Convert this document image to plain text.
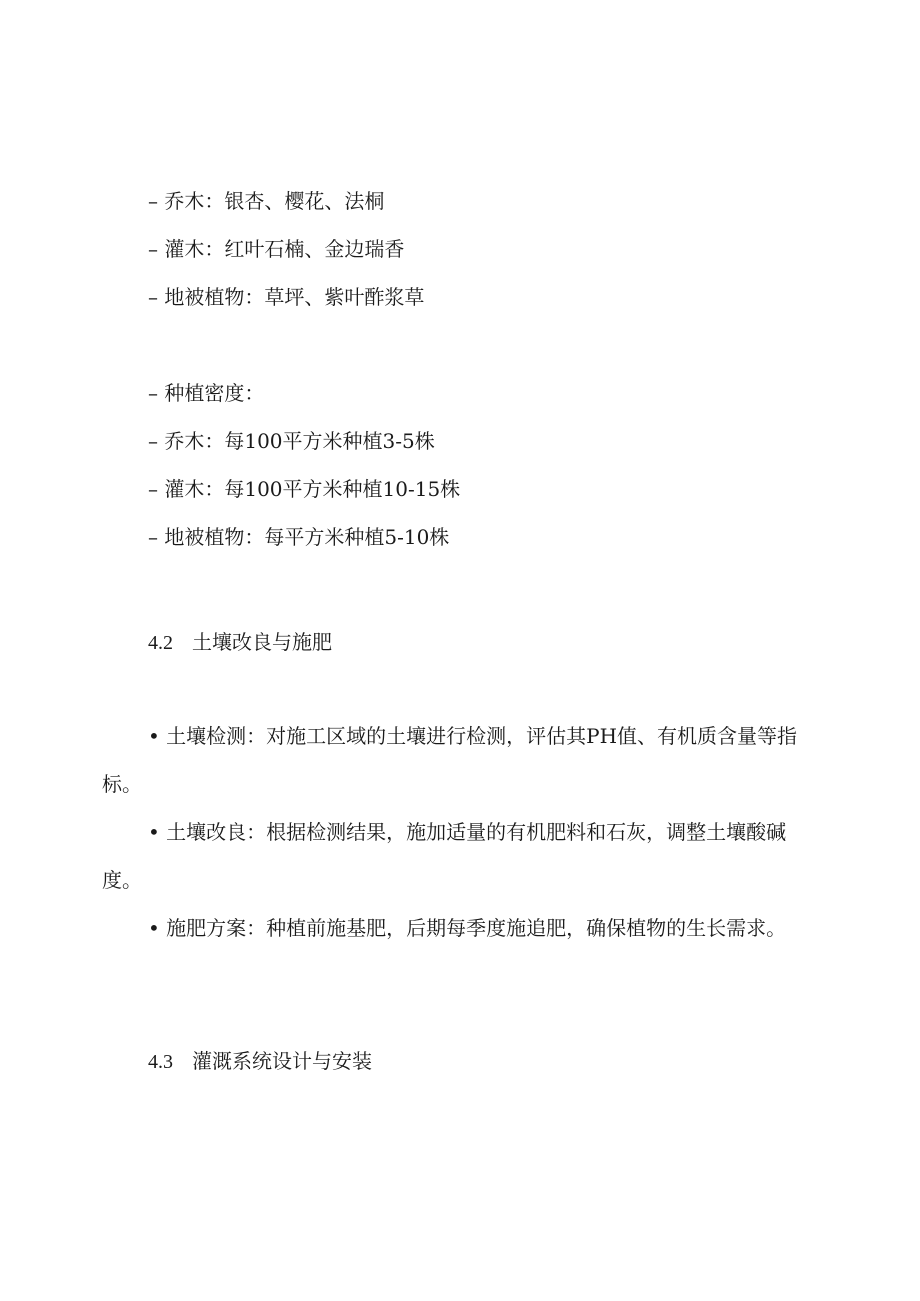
– 乔木：银杏、樱花、法桐
– 灌木：红叶石楠、金边瑞香
– 地被植物：草坪、紫叶酢浆草
– 种植密度：
– 乔木：每100平方米种植3-5株
– 灌木：每100平方米种植10-15株
– 地被植物：每平方米种植5-10株
4.2 土壤改良与施肥
• 土壤检测：对施工区域的土壤进行检测，评估其PH值、有机质含量等指标。
• 土壤改良：根据检测结果，施加适量的有机肥料和石灰，调整土壤酸碱度。
• 施肥方案：种植前施基肥，后期每季度施追肥，确保植物的生长需求。
4.3 灌溉系统设计与安装
